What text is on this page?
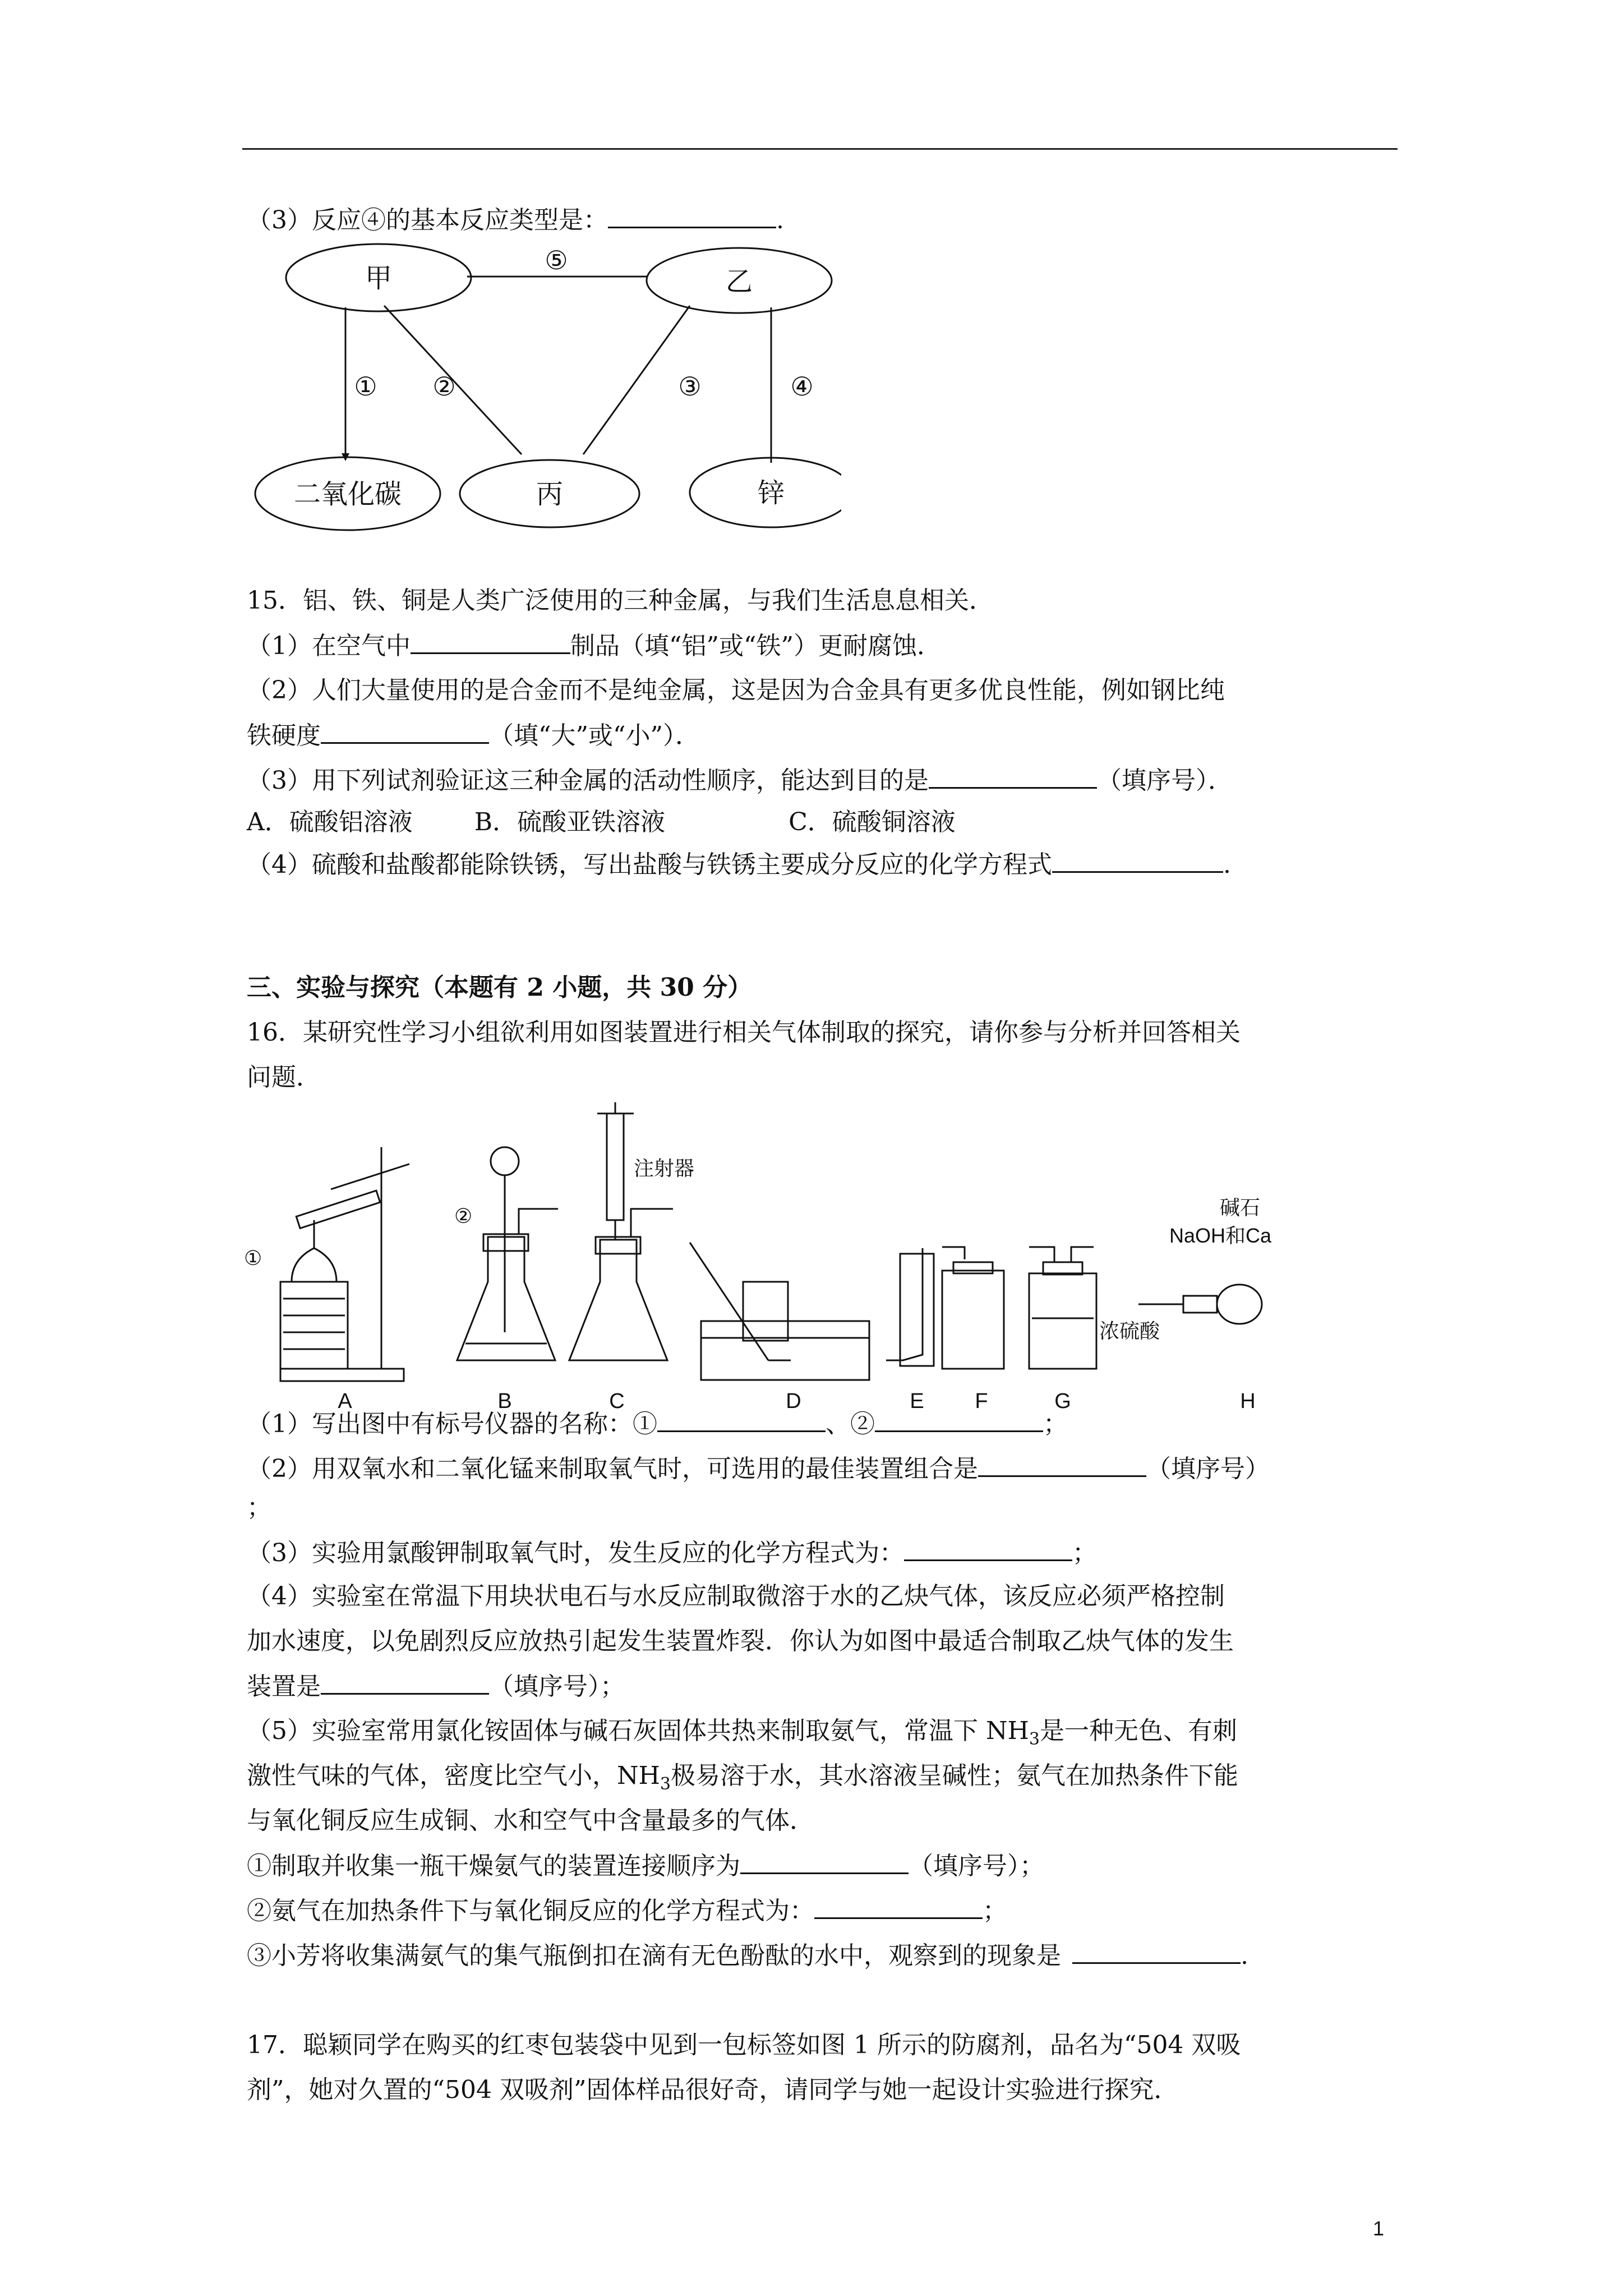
（3）反应④的基本反应类型是：	.
甲	乙
二氧化碳	丙	锌
⑤
① ②	③	④
15．铝、铁、铜是人类广泛使用的三种金属，与我们生活息息相关．
（1）在空气中	制品（填“铝”或“铁”）更耐腐蚀．
（2）人们大量使用的是合金而不是纯金属，这是因为合金具有更多优良性能，例如钢比纯
铁硬度	（填“大”或“小”）．
（3）用下列试剂验证这三种金属的活动性顺序，能达到目的是	（填序号）．
A．硫酸铝溶液	B．硫酸亚铁溶液	C．硫酸铜溶液
（4）硫酸和盐酸都能除铁锈，写出盐酸与铁锈主要成分反应的化学方程式	.
三、实验与探究（本题有 2 小题，共 30 分）
16．某研究性学习小组欲利用如图装置进行相关气体制取的探究，请你参与分析并回答相关
问题．
①
②
注射器
浓硫酸
碱石
NaOH和Ca
A	B	C	D	E F	G	H
（1）写出图中有标号仪器的名称：①	、②	；
（2）用双氧水和二氧化锰来制取氧气时，可选用的最佳装置组合是	（填序号）
；
（3）实验用氯酸钾制取氧气时，发生反应的化学方程式为：	；
（4）实验室在常温下用块状电石与水反应制取微溶于水的乙炔气体，该反应必须严格控制
加水速度，以免剧烈反应放热引起发生装置炸裂．你认为如图中最适合制取乙炔气体的发生
装置是	（填序号）；
（5）实验室常用氯化铵固体与碱石灰固体共热来制取氨气，常温下 $NH_3$是一种无色、有刺
激性气味的气体，密度比空气小，$NH_3$极易溶于水，其水溶液呈碱性；氨气在加热条件下能
与氧化铜反应生成铜、水和空气中含量最多的气体．
①制取并收集一瓶干燥氨气的装置连接顺序为	（填序号）；
②氨气在加热条件下与氧化铜反应的化学方程式为：	；
③小芳将收集满氨气的集气瓶倒扣在滴有无色酚酞的水中，观察到的现象是	.
17．聪颖同学在购买的红枣包装袋中见到一包标签如图 1 所示的防腐剂，品名为“504 双吸
剂”，她对久置的“504 双吸剂”固体样品很好奇，请同学与她一起设计实验进行探究．
1
